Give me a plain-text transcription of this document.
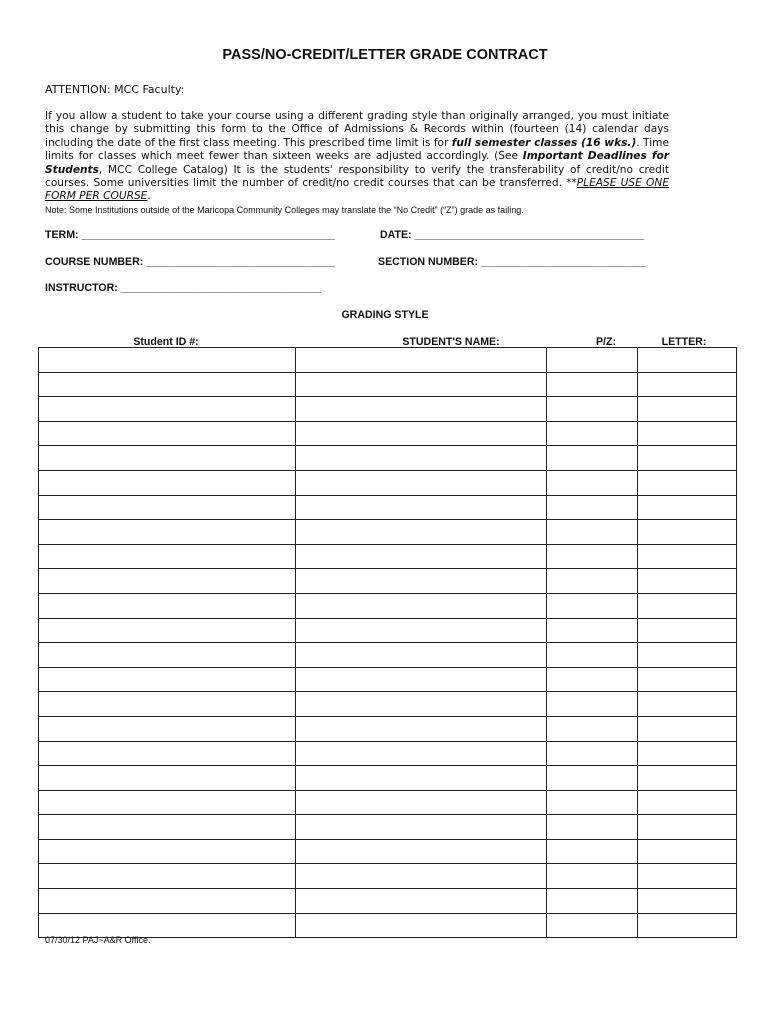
PASS/NO-CREDIT/LETTER GRADE CONTRACT
ATTENTION: MCC Faculty:
If you allow a student to take your course using a different grading style than originally arranged, you must initiate this change by submitting this form to the Office of Admissions & Records within (fourteen (14) calendar days including the date of the first class meeting. This prescribed time limit is for full semester classes (16 wks.). Time limits for classes which meet fewer than sixteen weeks are adjusted accordingly. (See Important Deadlines for Students, MCC College Catalog) It is the students' responsibility to verify the transferability of credit/no credit courses. Some universities limit the number of credit/no credit courses that can be transferred. **PLEASE USE ONE FORM PER COURSE.
Note: Some Institutions outside of the Maricopa Community Colleges may translate the “No Credit” (“Z”) grade as failing.
TERM: ___________________________________________	DATE: _______________________________________
COURSE NUMBER: ________________________________	SECTION NUMBER: ____________________________
INSTRUCTOR: __________________________________
GRADING STYLE
Student ID #:	STUDENT'S NAME:	P/Z:	LETTER:

07/30/12 PAJ~A&R Office.
